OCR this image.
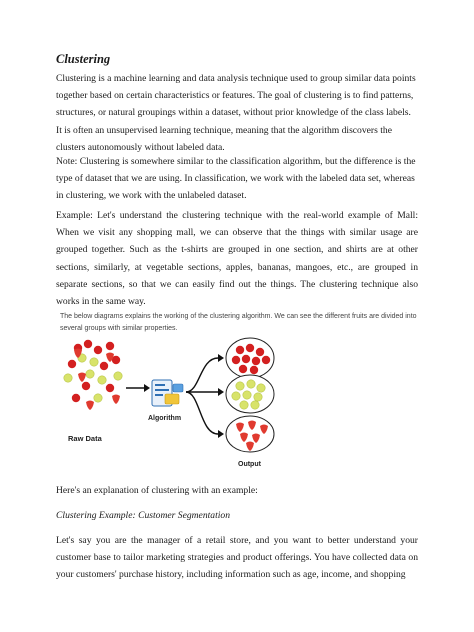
Clustering

Clustering is a machine learning and data analysis technique used to group similar data points together based on certain characteristics or features. The goal of clustering is to find patterns, structures, or natural groupings within a dataset, without prior knowledge of the class labels. It is often an unsupervised learning technique, meaning that the algorithm discovers the clusters autonomously without labeled data.

Note: Clustering is somewhere similar to the classification algorithm, but the difference is the type of dataset that we are using. In classification, we work with the labeled data set, whereas in clustering, we work with the unlabeled dataset.

Example: Let's understand the clustering technique with the real-world example of Mall: When we visit any shopping mall, we can observe that the things with similar usage are grouped together. Such as the t-shirts are grouped in one section, and shirts are at other sections, similarly, at vegetable sections, apples, bananas, mangoes, etc., are grouped in separate sections, so that we can easily find out the things. The clustering technique also works in the same way.

The below diagrams explains the working of the clustering algorithm. We can see the different fruits are divided into several groups with similar properties.
Raw Data
Algorithm
Output

Here's an explanation of clustering with an example:

Clustering Example: Customer Segmentation

Let's say you are the manager of a retail store, and you want to better understand your customer base to tailor marketing strategies and product offerings. You have collected data on your customers' purchase history, including information such as age, income, and shopping
